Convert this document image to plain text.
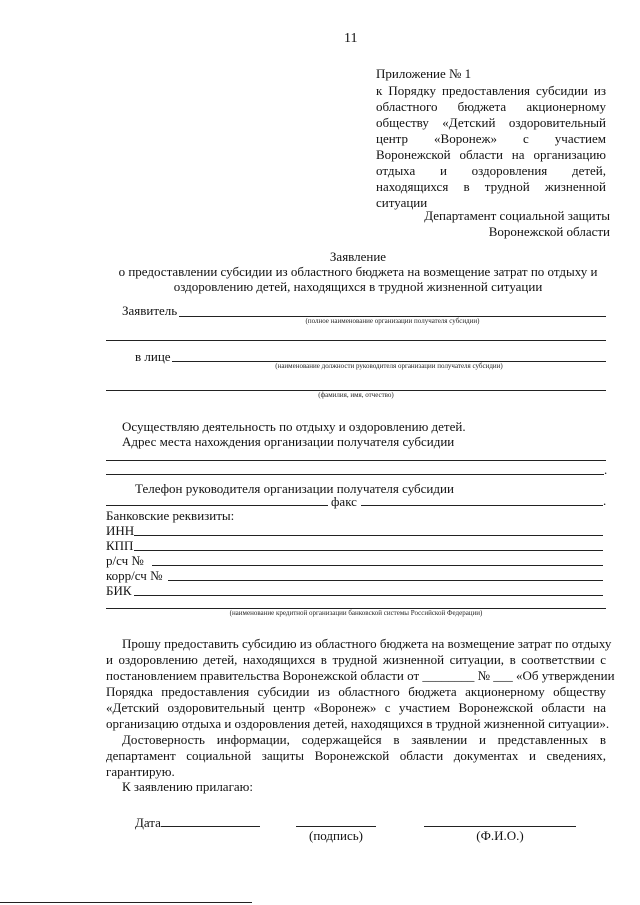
11
Приложение № 1
к Порядку предоставления субсидии из
областного бюджета акционерному
обществу «Детский оздоровительный
центр «Воронеж» с участием
Воронежской области на организацию
отдыха и оздоровления детей,
находящихся в трудной жизненной
ситуации
Департамент социальной защиты
Воронежской области
Заявление
о предоставлении субсидии из областного бюджета на возмещение затрат по отдыху и
оздоровлению детей, находящихся в трудной жизненной ситуации
Заявитель
(полное наименование организации получателя субсидии)
в лице
(наименование должности руководителя организации получателя субсидии)
(фамилия, имя, отчество)
Осуществляю деятельность по отдыху и оздоровлению детей.
Адрес места нахождения организации получателя субсидии
.
Телефон руководителя организации получателя субсидии
факс	.
Банковские реквизиты:
ИНН
КПП
р/сч №
корр/сч №
БИК
(наименование кредитной организации банковской системы Российской Федерации)
Прошу предоставить субсидию из областного бюджета на возмещение затрат по отдыху
и оздоровлению детей, находящихся в трудной жизненной ситуации, в соответствии с
постановлением правительства Воронежской области от ________ № ___ «Об утверждении
Порядка предоставления субсидии из областного бюджета акционерному обществу
«Детский оздоровительный центр «Воронеж» с участием Воронежской области на
организацию отдыха и оздоровления детей, находящихся в трудной жизненной ситуации».
Достоверность информации, содержащейся в заявлении и представленных в
департамент социальной защиты Воронежской области документах и сведениях,
гарантирую.
К заявлению прилагаю:
Дата
(подпись)	(Ф.И.О.)
